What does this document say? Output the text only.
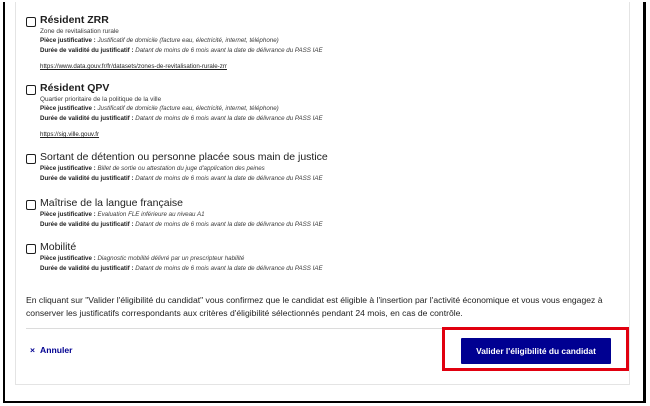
Résident ZRR
Zone de revitalisation rurale
Pièce justificative : Justificatif de domicile (facture eau, électricité, internet, téléphone)
Durée de validité du justificatif : Datant de moins de 6 mois avant la date de délivrance du PASS IAE
https://www.data.gouv.fr/fr/datasets/zones-de-revitalisation-rurale-zrr
Résident QPV
Quartier prioritaire de la politique de la ville
Pièce justificative : Justificatif de domicile (facture eau, électricité, internet, téléphone)
Durée de validité du justificatif : Datant de moins de 6 mois avant la date de délivrance du PASS IAE
https://sig.ville.gouv.fr
Sortant de détention ou personne placée sous main de justice
Pièce justificative : Billet de sortie ou attestation du juge d'application des peines
Durée de validité du justificatif : Datant de moins de 6 mois avant la date de délivrance du PASS IAE
Maîtrise de la langue française
Pièce justificative : Evaluation FLE inférieure au niveau A1
Durée de validité du justificatif : Datant de moins de 6 mois avant la date de délivrance du PASS IAE
Mobilité
Pièce justificative : Diagnostic mobilité délivré par un prescripteur habilité
Durée de validité du justificatif : Datant de moins de 6 mois avant la date de délivrance du PASS IAE

En cliquant sur "Valider l'éligibilité du candidat" vous confirmez que le candidat est éligible à l'insertion par l'activité économique et vous vous engagez à conserver les justificatifs correspondants aux critères d'éligibilité sélectionnés pendant 24 mois, en cas de contrôle.

× Annuler	Valider l'éligibilité du candidat
